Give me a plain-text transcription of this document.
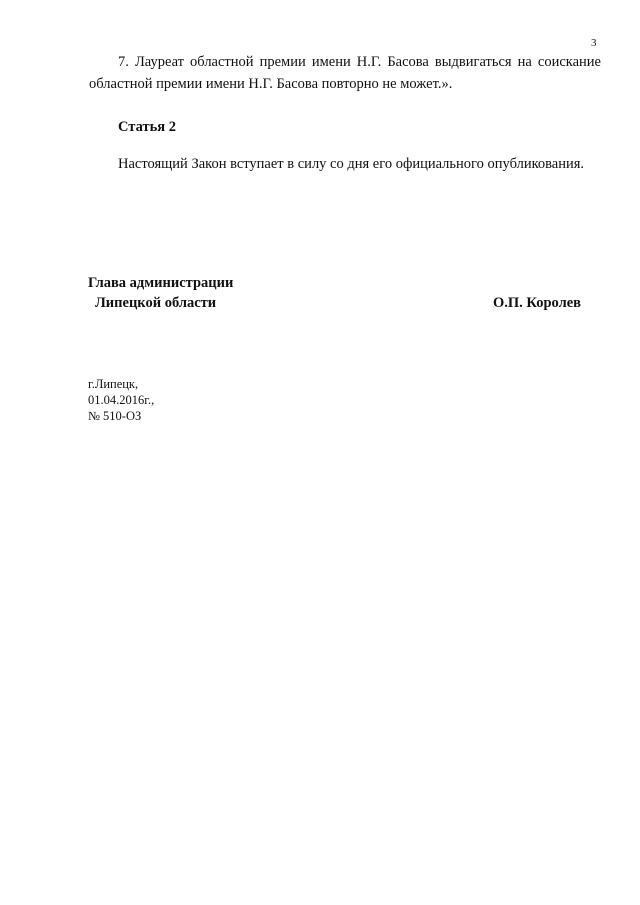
3
7. Лауреат областной премии имени Н.Г. Басова выдвигаться на соискание областной премии имени Н.Г. Басова повторно не может.».
Статья 2
Настоящий Закон вступает в силу со дня его официального опубликования.
Глава администрации
Липецкой области	О.П. Королев
г.Липецк,
01.04.2016г.,
№ 510-ОЗ
